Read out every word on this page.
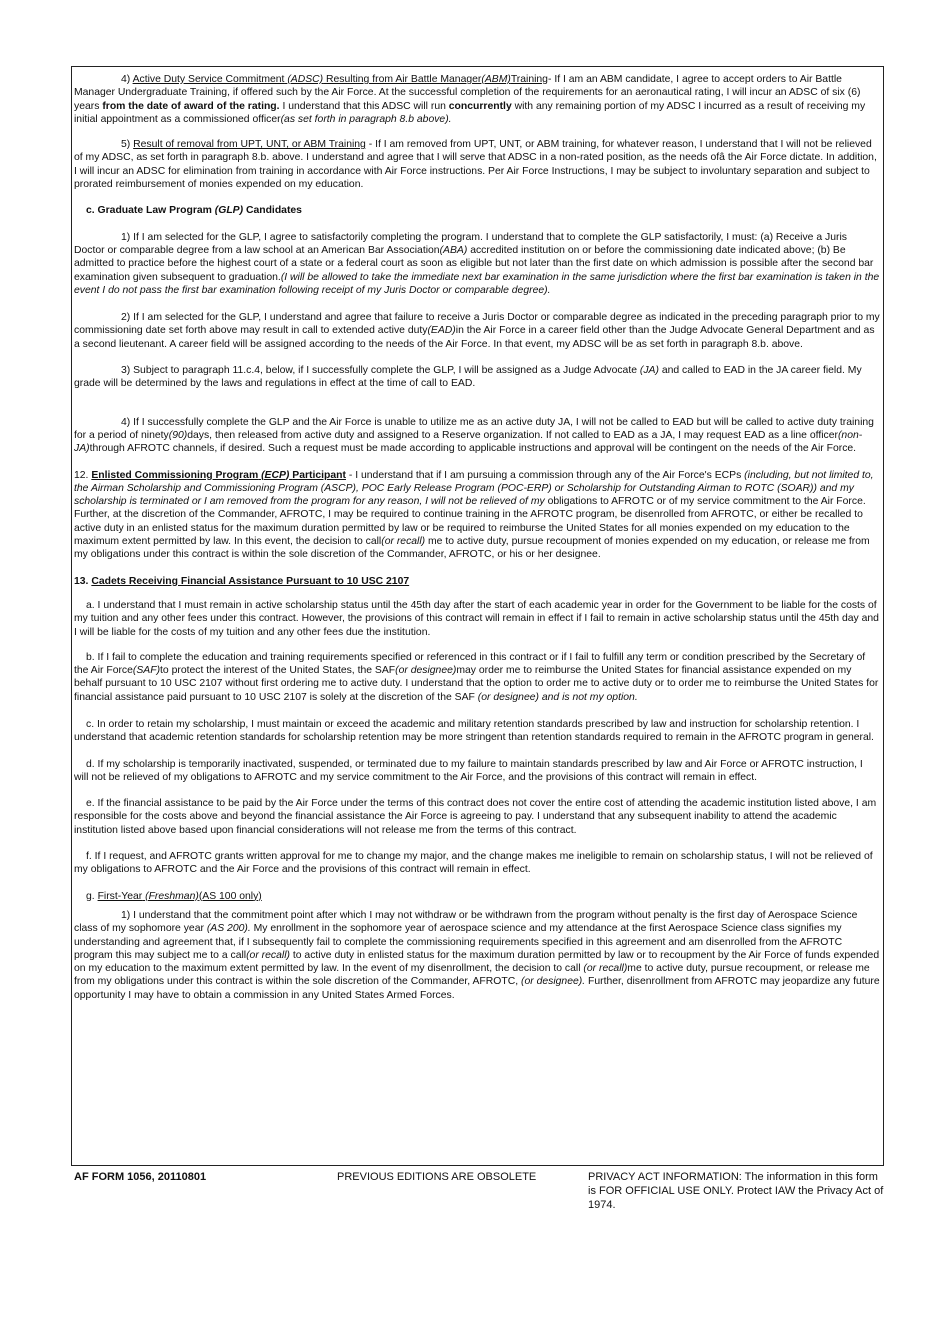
4) Active Duty Service Commitment (ADSC) Resulting from Air Battle Manager(ABM)Training- If I am an ABM candidate, I agree to accept orders to Air Battle Manager Undergraduate Training, if offered such by the Air Force. At the successful completion of the requirements for an aeronautical rating, I will incur an ADSC of six (6) years from the date of award of the rating. I understand that this ADSC will run concurrently with any remaining portion of my ADSC I incurred as a result of receiving my initial appointment as a commissioned officer(as set forth in paragraph 8.b above).

5) Result of removal from UPT, UNT, or ABM Training - If I am removed from UPT, UNT, or ABM training, for whatever reason, I understand that I will not be relieved of my ADSC, as set forth in paragraph 8.b. above. I understand and agree that I will serve that ADSC in a non-rated position, as the needs ofâ the Air Force dictate. In addition, I will incur an ADSC for elimination from training in accordance with Air Force instructions. Per Air Force Instructions, I may be subject to involuntary separation and subject to prorated reimbursement of monies expended on my education.

c. Graduate Law Program (GLP) Candidates

1) If I am selected for the GLP, I agree to satisfactorily completing the program. I understand that to complete the GLP satisfactorily, I must: (a) Receive a Juris Doctor or comparable degree from a law school at an American Bar Association(ABA) accredited institution on or before the commissioning date indicated above; (b) Be admitted to practice before the highest court of a state or a federal court as soon as eligible but not later than the first date on which admission is possible after the second bar examination given subsequent to graduation.(I will be allowed to take the immediate next bar examination in the same jurisdiction where the first bar examination is taken in the event I do not pass the first bar examination following receipt of my Juris Doctor or comparable degree).

2) If I am selected for the GLP, I understand and agree that failure to receive a Juris Doctor or comparable degree as indicated in the preceding paragraph prior to my commissioning date set forth above may result in call to extended active duty(EAD)in the Air Force in a career field other than the Judge Advocate General Department and as a second lieutenant. A career field will be assigned according to the needs of the Air Force. In that event, my ADSC will be as set forth in paragraph 8.b. above.

3) Subject to paragraph 11.c.4, below, if I successfully complete the GLP, I will be assigned as a Judge Advocate (JA) and called to EAD in the JA career field. My grade will be determined by the laws and regulations in effect at the time of call to EAD.

4) If I successfully complete the GLP and the Air Force is unable to utilize me as an active duty JA, I will not be called to EAD but will be called to active duty training for a period of ninety(90)days, then released from active duty and assigned to a Reserve organization. If not called to EAD as a JA, I may request EAD as a line officer(non-JA)through AFROTC channels, if desired. Such a request must be made according to applicable instructions and approval will be contingent on the needs of the Air Force.

12. Enlisted Commissioning Program (ECP) Participant - I understand that if I am pursuing a commission through any of the Air Force's ECPs (including, but not limited to, the Airman Scholarship and Commissioning Program (ASCP), POC Early Release Program (POC-ERP) or Scholarship for Outstanding Airman to ROTC (SOAR)) and my scholarship is terminated or I am removed from the program for any reason, I will not be relieved of my obligations to AFROTC or of my service commitment to the Air Force. Further, at the discretion of the Commander, AFROTC, I may be required to continue training in the AFROTC program, be disenrolled from AFROTC, or either be recalled to active duty in an enlisted status for the maximum duration permitted by law or be required to reimburse the United States for all monies expended on my education to the maximum extent permitted by law. In this event, the decision to call(or recall) me to active duty, pursue recoupment of monies expended on my education, or release me from my obligations under this contract is within the sole discretion of the Commander, AFROTC, or his or her designee.

13. Cadets Receiving Financial Assistance Pursuant to 10 USC 2107

a. I understand that I must remain in active scholarship status until the 45th day after the start of each academic year in order for the Government to be liable for the costs of my tuition and any other fees under this contract. However, the provisions of this contract will remain in effect if I fail to remain in active scholarship status until the 45th day and I will be liable for the costs of my tuition and any other fees due the institution.

b. If I fail to complete the education and training requirements specified or referenced in this contract or if I fail to fulfill any term or condition prescribed by the Secretary of the Air Force(SAF)to protect the interest of the United States, the SAF(or designee)may order me to reimburse the United States for financial assistance expended on my behalf pursuant to 10 USC 2107 without first ordering me to active duty. I understand that the option to order me to active duty or to order me to reimburse the United States for financial assistance paid pursuant to 10 USC 2107 is solely at the discretion of the SAF (or designee) and is not my option.

c. In order to retain my scholarship, I must maintain or exceed the academic and military retention standards prescribed by law and instruction for scholarship retention. I understand that academic retention standards for scholarship retention may be more stringent than retention standards required to remain in the AFROTC program in general.

d. If my scholarship is temporarily inactivated, suspended, or terminated due to my failure to maintain standards prescribed by law and Air Force or AFROTC instruction, I will not be relieved of my obligations to AFROTC and my service commitment to the Air Force, and the provisions of this contract will remain in effect.

e. If the financial assistance to be paid by the Air Force under the terms of this contract does not cover the entire cost of attending the academic institution listed above, I am responsible for the costs above and beyond the financial assistance the Air Force is agreeing to pay. I understand that any subsequent inability to attend the academic institution listed above based upon financial considerations will not release me from the terms of this contract.

f. If I request, and AFROTC grants written approval for me to change my major, and the change makes me ineligible to remain on scholarship status, I will not be relieved of my obligations to AFROTC and the Air Force and the provisions of this contract will remain in effect.

g. First-Year (Freshman)(AS 100 only)

1) I understand that the commitment point after which I may not withdraw or be withdrawn from the program without penalty is the first day of Aerospace Science class of my sophomore year (AS 200). My enrollment in the sophomore year of aerospace science and my attendance at the first Aerospace Science class signifies my understanding and agreement that, if I subsequently fail to complete the commissioning requirements specified in this agreement and am disenrolled from the AFROTC program this may subject me to a call(or recall) to active duty in enlisted status for the maximum duration permitted by law or to recoupment by the Air Force of funds expended on my education to the maximum extent permitted by law. In the event of my disenrollment, the decision to call (or recall)me to active duty, pursue recoupment, or release me from my obligations under this contract is within the sole discretion of the Commander, AFROTC, (or designee). Further, disenrollment from AFROTC may jeopardize any future opportunity I may have to obtain a commission in any United States Armed Forces.

AF FORM 1056, 20110801	PREVIOUS EDITIONS ARE OBSOLETE	PRIVACY ACT INFORMATION: The information in this form is FOR OFFICIAL USE ONLY. Protect IAW the Privacy Act of 1974.
